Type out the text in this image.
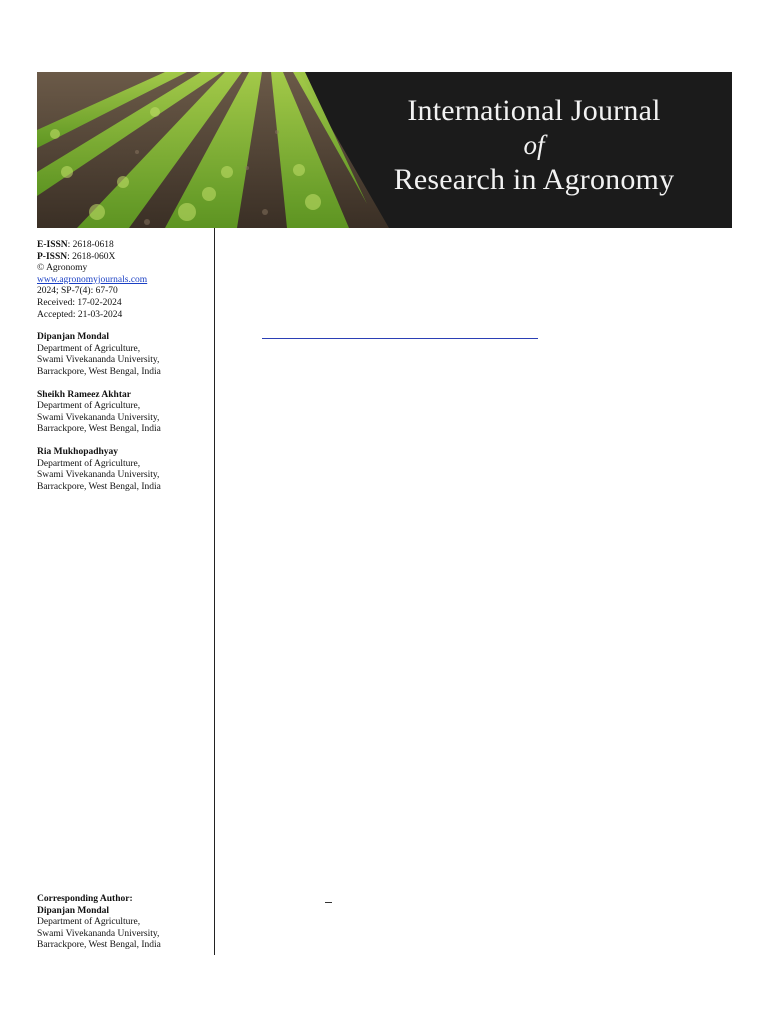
International Journal
of
Research in Agronomy

E-ISSN: 2618-0618

P-ISSN: 2618-060X

© Agronomy

www.agronomyjournals.com

2024; SP-7(4): 67-70

Received: 17-02-2024

Accepted: 21-03-2024

Dipanjan Mondal

Department of Agriculture,

Swami Vivekananda University,

Barrackpore, West Bengal, India

Sheikh Rameez Akhtar

Department of Agriculture,

Swami Vivekananda University,

Barrackpore, West Bengal, India

Ria Mukhopadhyay

Department of Agriculture,

Swami Vivekananda University,

Barrackpore, West Bengal, India

Corresponding Author:

Dipanjan Mondal

Department of Agriculture,

Swami Vivekananda University,

Barrackpore, West Bengal, India
